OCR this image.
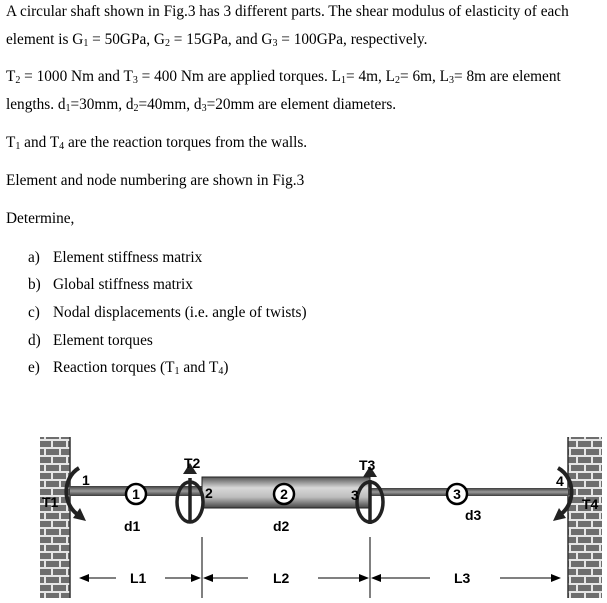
A circular shaft shown in Fig.3 has 3 different parts. The shear modulus of elasticity of each
element is $G_1 = 50GPa$, $G_2 = 15GPa$, and $G_3 = 100GPa$, respectively.
$T_2 = 1000$ Nm and $T_3 = 400$ Nm are applied torques. $L_1= 4m$, $L_2= 6m$, $L_3= 8m$ are element
lengths. $d_1=30mm$, $d_2=40mm$, $d_3=20mm$ are element diameters.
$T_1$ and $T_4$ are the reaction torques from the walls.
Element and node numbering are shown in Fig.3
Determine,
a) Element stiffness matrix
b) Global stiffness matrix
c) Nodal displacements (i.e. angle of twists)
d) Element torques
e) Reaction torques ($T_1$ and $T_4$)
T1	T4
T2	T3
1
2	3
4
1	2	3
d1	d2
d3
L1	L2	L3
